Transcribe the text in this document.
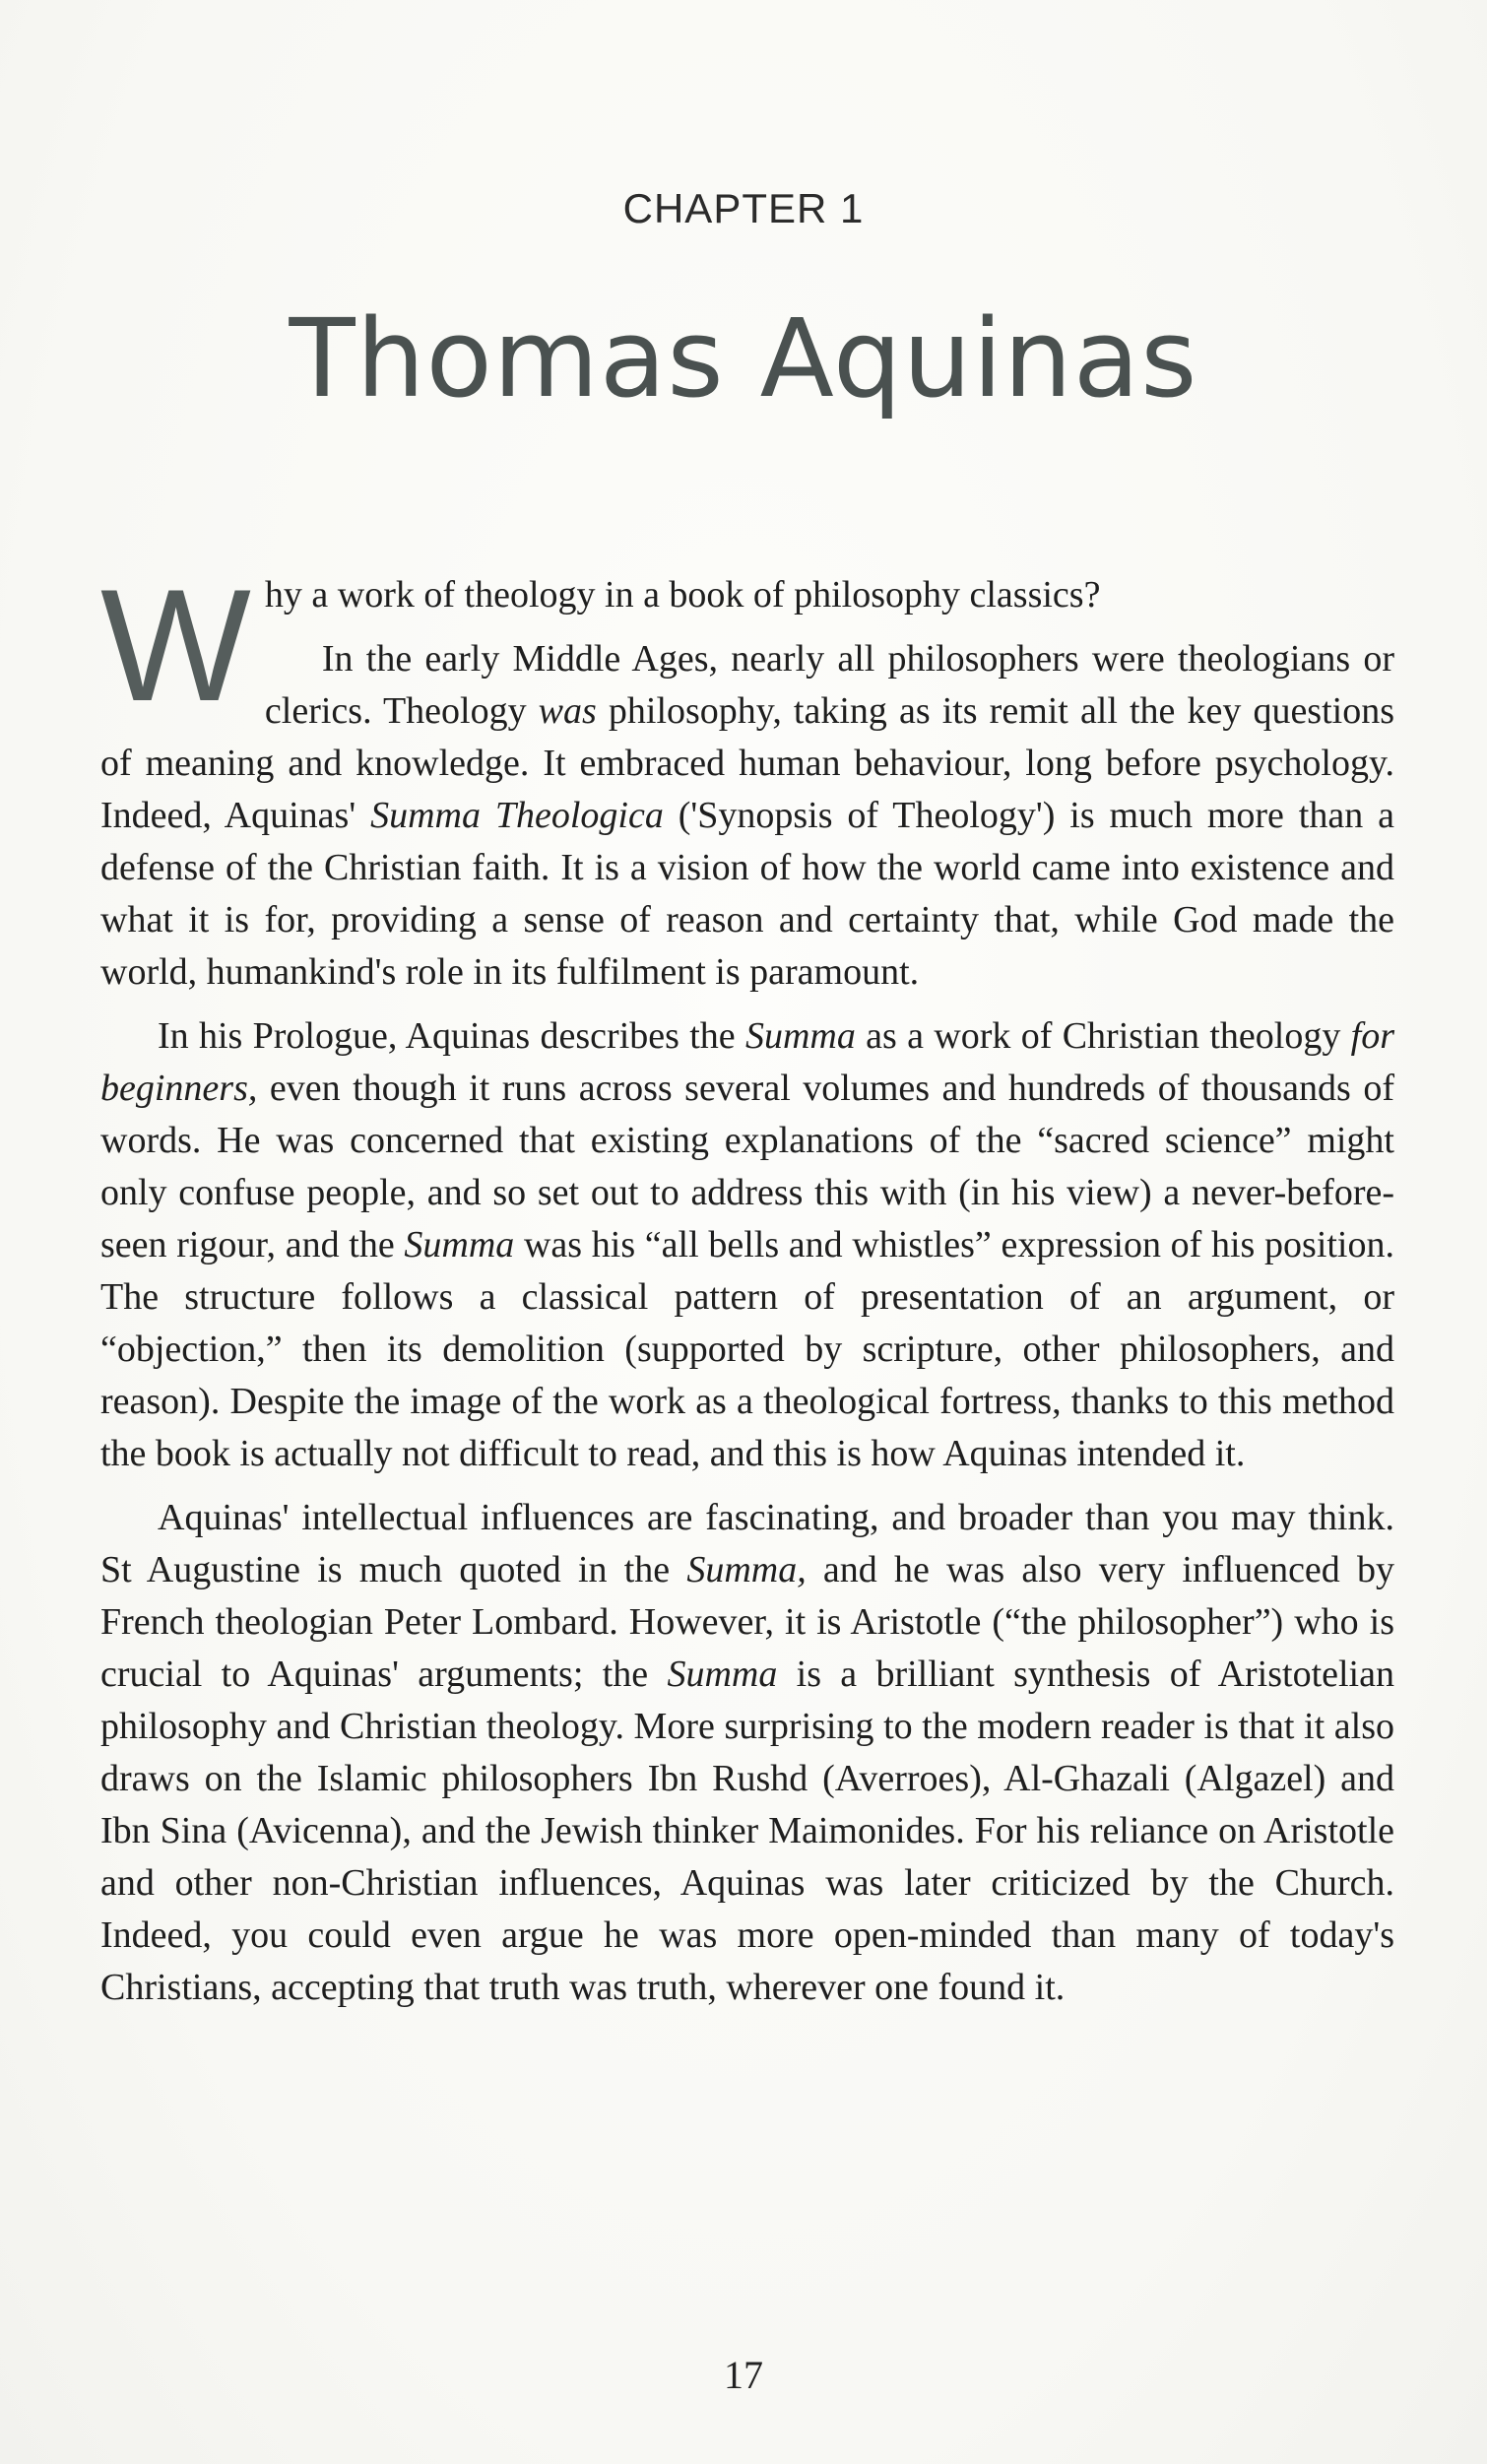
CHAPTER 1
Thomas Aquinas

Why a work of theology in a book of philosophy classics?

In the early Middle Ages, nearly all philosophers were theologians or clerics. Theology was philosophy, taking as its remit all the key questions of meaning and knowledge. It embraced human behaviour, long before psychology. Indeed, Aquinas' Summa Theologica ('Synopsis of Theology') is much more than a defense of the Christian faith. It is a vision of how the world came into existence and what it is for, providing a sense of reason and certainty that, while God made the world, humankind's role in its fulfilment is paramount.

In his Prologue, Aquinas describes the Summa as a work of Christian theology for beginners, even though it runs across several volumes and hundreds of thousands of words. He was concerned that existing explanations of the “sacred science” might only confuse people, and so set out to address this with (in his view) a never-before-seen rigour, and the Summa was his “all bells and whistles” expression of his position. The structure follows a classical pattern of presentation of an argument, or “objection,” then its demolition (supported by scripture, other philosophers, and reason). Despite the image of the work as a theological fortress, thanks to this method the book is actually not difficult to read, and this is how Aquinas intended it.

Aquinas' intellectual influences are fascinating, and broader than you may think. St Augustine is much quoted in the Summa, and he was also very influenced by French theologian Peter Lombard. However, it is Aristotle (“the philosopher”) who is crucial to Aquinas' arguments; the Summa is a brilliant synthesis of Aristotelian philosophy and Christian theology. More surprising to the modern reader is that it also draws on the Islamic philosophers Ibn Rushd (Averroes), Al-Ghazali (Algazel) and Ibn Sina (Avicenna), and the Jewish thinker Maimonides. For his reliance on Aristotle and other non-Christian influences, Aquinas was later criticized by the Church. Indeed, you could even argue he was more open-minded than many of today's Christians, accepting that truth was truth, wherever one found it.

17
